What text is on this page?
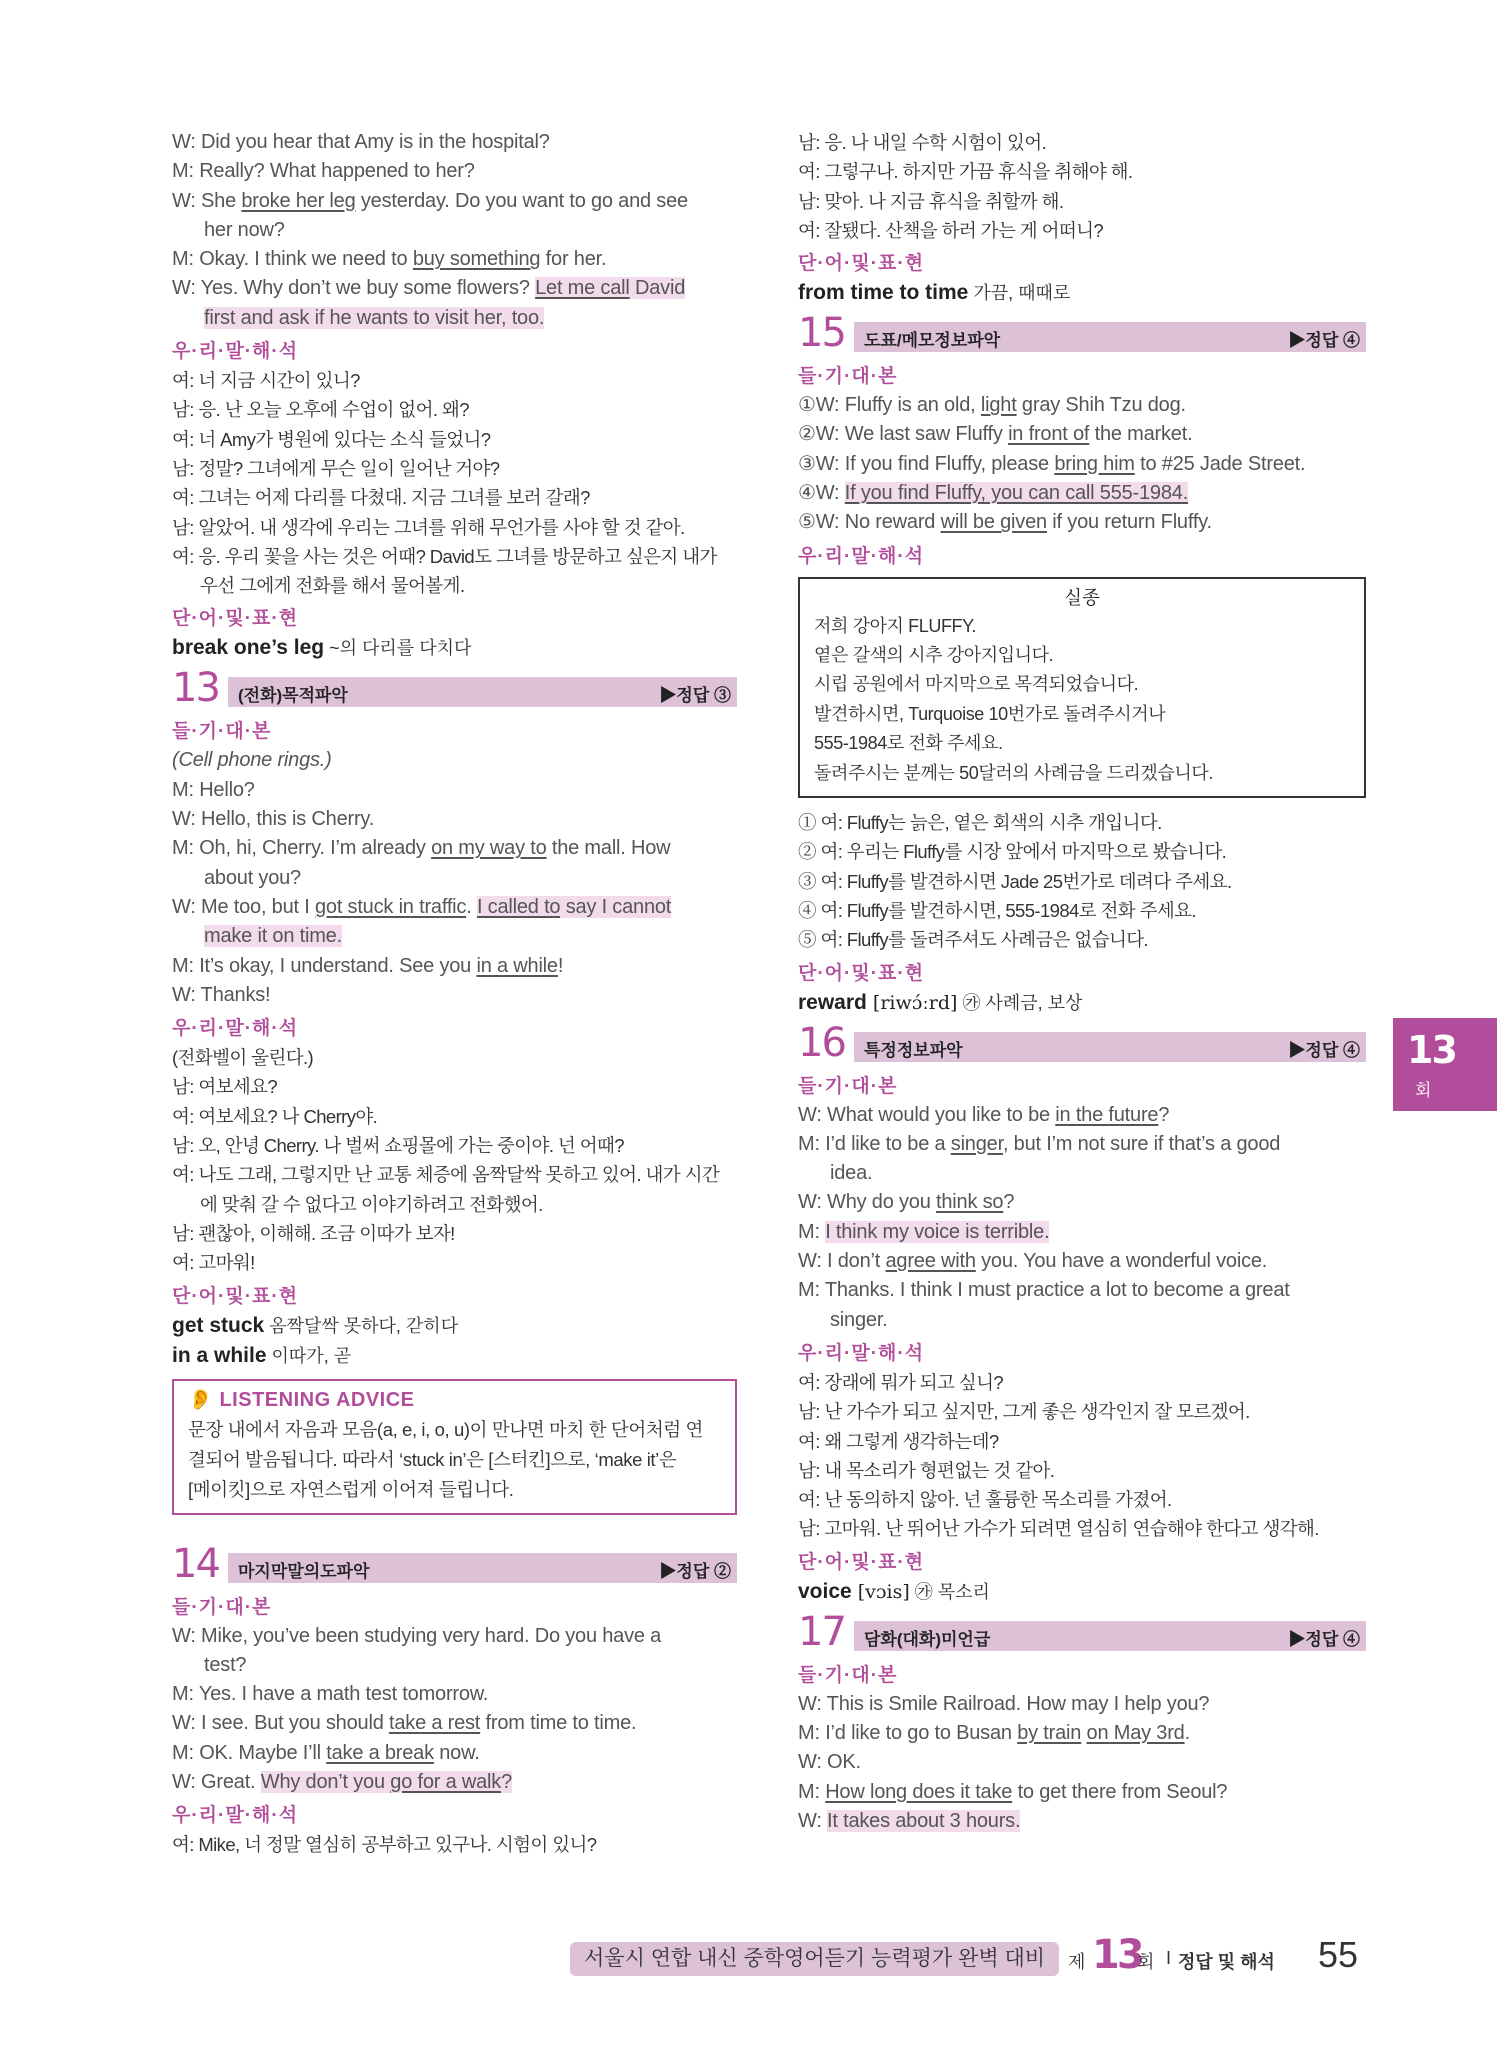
W: Did you hear that Amy is in the hospital?
M: Really? What happened to her?
W: She broke her leg yesterday. Do you want to go and see
her now?
M: Okay. I think we need to buy something for her.
W: Yes. Why don’t we buy some flowers? Let me call David
first and ask if he wants to visit her, too.
우·리·말·해·석
여: 너 지금 시간이 있니?
남: 응. 난 오늘 오후에 수업이 없어. 왜?
여: 너 Amy가 병원에 있다는 소식 들었니?
남: 정말? 그녀에게 무슨 일이 일어난 거야?
여: 그녀는 어제 다리를 다쳤대. 지금 그녀를 보러 갈래?
남: 알았어. 내 생각에 우리는 그녀를 위해 무언가를 사야 할 것 같아.
여: 응. 우리 꽃을 사는 것은 어때? David도 그녀를 방문하고 싶은지 내가
우선 그에게 전화를 해서 물어볼게.
단·어·및·표·현
break one’s leg ~의 다리를 다치다
13 (전화)목적파악	▶정답 ③
들·기·대·본
(Cell phone rings.)
M: Hello?
W: Hello, this is Cherry.
M: Oh, hi, Cherry. I’m already on my way to the mall. How
about you?
W: Me too, but I got stuck in traffic. I called to say I cannot
make it on time.
M: It’s okay, I understand. See you in a while!
W: Thanks!
우·리·말·해·석
(전화벨이 울린다.)
남: 여보세요?
여: 여보세요? 나 Cherry야.
남: 오, 안녕 Cherry. 나 벌써 쇼핑몰에 가는 중이야. 넌 어때?
여: 나도 그래, 그렇지만 난 교통 체증에 옴짝달싹 못하고 있어. 내가 시간
에 맞춰 갈 수 없다고 이야기하려고 전화했어.
남: 괜찮아, 이해해. 조금 이따가 보자!
여: 고마워!
단·어·및·표·현
get stuck 옴짝달싹 못하다, 갇히다
in a while 이따가, 곧
👂 LISTENING ADVICE
문장 내에서 자음과 모음(a, e, i, o, u)이 만나면 마치 한 단어처럼 연
결되어 발음됩니다. 따라서 ‘stuck in’은 [스터킨]으로, ‘make it’은
[메이킷]으로 자연스럽게 이어져 들립니다.
14 마지막말의도파악	▶정답 ②
들·기·대·본
W: Mike, you’ve been studying very hard. Do you have a
test?
M: Yes. I have a math test tomorrow.
W: I see. But you should take a rest from time to time.
M: OK. Maybe I’ll take a break now.
W: Great. Why don’t you go for a walk?
우·리·말·해·석
여: Mike, 너 정말 열심히 공부하고 있구나. 시험이 있니?
남: 응. 나 내일 수학 시험이 있어.
여: 그렇구나. 하지만 가끔 휴식을 취해야 해.
남: 맞아. 나 지금 휴식을 취할까 해.
여: 잘됐다. 산책을 하러 가는 게 어떠니?
단·어·및·표·현
from time to time 가끔, 때때로
15 도표/메모정보파악	▶정답 ④
들·기·대·본
①W: Fluffy is an old, light gray Shih Tzu dog.
②W: We last saw Fluffy in front of the market.
③W: If you find Fluffy, please bring him to #25 Jade Street.
④W: If you find Fluffy, you can call 555-1984.
⑤W: No reward will be given if you return Fluffy.
우·리·말·해·석
실종
저희 강아지 FLUFFY.
옅은 갈색의 시추 강아지입니다.
시립 공원에서 마지막으로 목격되었습니다.
발견하시면, Turquoise 10번가로 돌려주시거나
555-1984로 전화 주세요.
돌려주시는 분께는 50달러의 사례금을 드리겠습니다.
① 여: Fluffy는 늙은, 옅은 회색의 시추 개입니다.
② 여: 우리는 Fluffy를 시장 앞에서 마지막으로 봤습니다.
③ 여: Fluffy를 발견하시면 Jade 25번가로 데려다 주세요.
④ 여: Fluffy를 발견하시면, 555-1984로 전화 주세요.
⑤ 여: Fluffy를 돌려주셔도 사례금은 없습니다.
단·어·및·표·현
reward [riwɔ́ːrd] ㉮ 사례금, 보상
16 특정정보파악	▶정답 ④
들·기·대·본
W: What would you like to be in the future?
M: I’d like to be a singer, but I’m not sure if that’s a good
idea.
W: Why do you think so?
M: I think my voice is terrible.
W: I don’t agree with you. You have a wonderful voice.
M: Thanks. I think I must practice a lot to become a great
singer.
우·리·말·해·석
여: 장래에 뭐가 되고 싶니?
남: 난 가수가 되고 싶지만, 그게 좋은 생각인지 잘 모르겠어.
여: 왜 그렇게 생각하는데?
남: 내 목소리가 형편없는 것 같아.
여: 난 동의하지 않아. 넌 훌륭한 목소리를 가졌어.
남: 고마워. 난 뛰어난 가수가 되려면 열심히 연습해야 한다고 생각해.
단·어·및·표·현
voice [vɔis] ㉮ 목소리
17 담화(대화)미언급	▶정답 ④
들·기·대·본
W: This is Smile Railroad. How may I help you?
M: I’d like to go to Busan by train on May 3rd.
W: OK.
M: How long does it take to get there from Seoul?
W: It takes about 3 hours.
13
회
서울시 연합 내신 중학영어듣기 능력평가 완벽 대비	제 13
회 I 정답 및 해석 55
